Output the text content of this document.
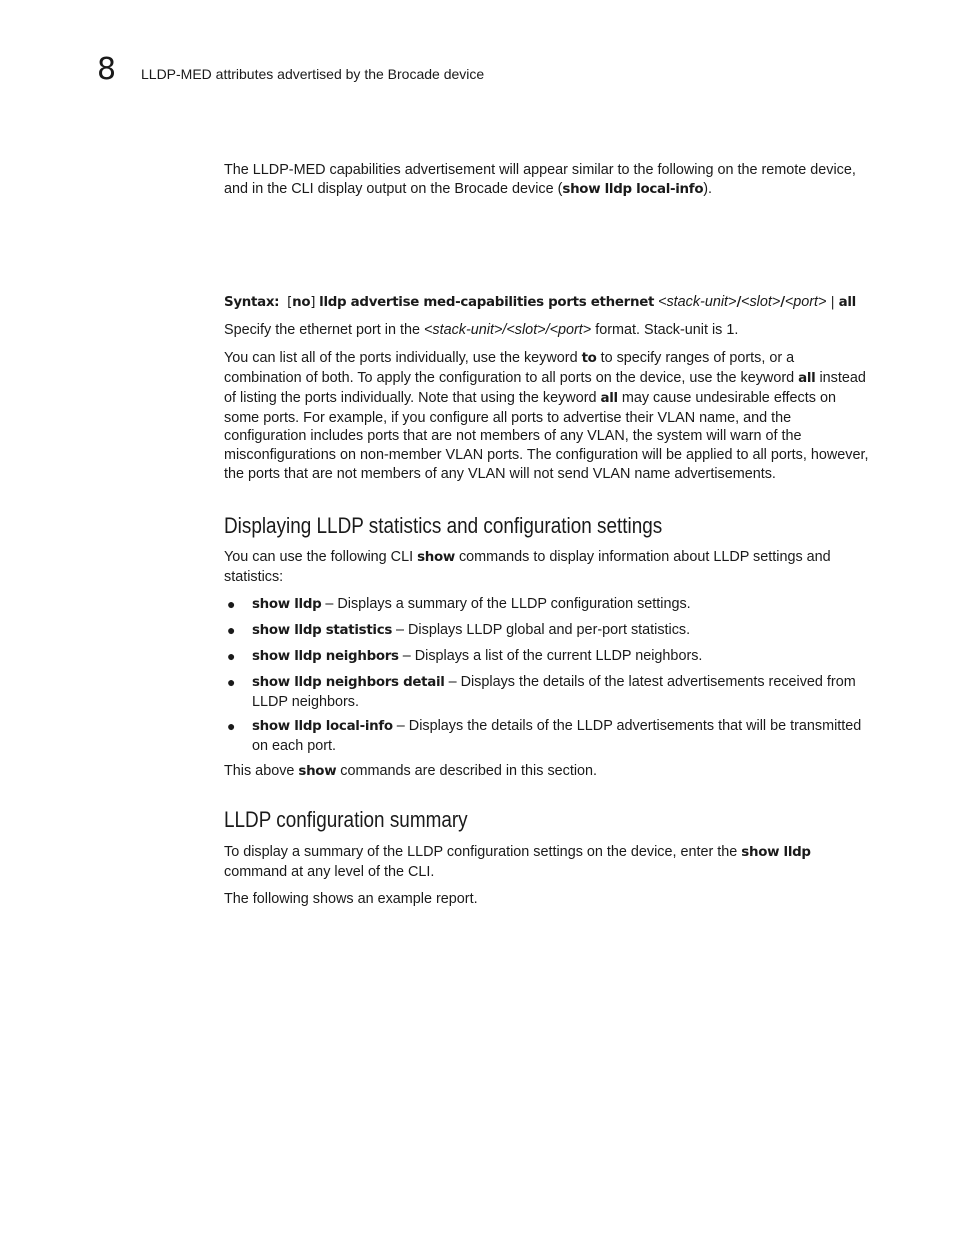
8 LLDP-MED attributes advertised by the Brocade device

The LLDP-MED capabilities advertisement will appear similar to the following on the remote device, and in the CLI display output on the Brocade device (show lldp local-info).

Syntax: [no] lldp advertise med-capabilities ports ethernet <stack-unit>/<slot>/<port> | all

Specify the ethernet port in the <stack-unit>/<slot>/<port> format. Stack-unit is 1.

You can list all of the ports individually, use the keyword to to specify ranges of ports, or a combination of both. To apply the configuration to all ports on the device, use the keyword all instead of listing the ports individually. Note that using the keyword all may cause undesirable effects on some ports. For example, if you configure all ports to advertise their VLAN name, and the configuration includes ports that are not members of any VLAN, the system will warn of the misconfigurations on non-member VLAN ports. The configuration will be applied to all ports, however, the ports that are not members of any VLAN will not send VLAN name advertisements.

Displaying LLDP statistics and configuration settings

You can use the following CLI show commands to display information about LLDP settings and statistics:

● show lldp – Displays a summary of the LLDP configuration settings.
● show lldp statistics – Displays LLDP global and per-port statistics.
● show lldp neighbors – Displays a list of the current LLDP neighbors.
● show lldp neighbors detail – Displays the details of the latest advertisements received from LLDP neighbors.
● show lldp local-info – Displays the details of the LLDP advertisements that will be transmitted on each port.

This above show commands are described in this section.

LLDP configuration summary

To display a summary of the LLDP configuration settings on the device, enter the show lldp command at any level of the CLI.

The following shows an example report.
